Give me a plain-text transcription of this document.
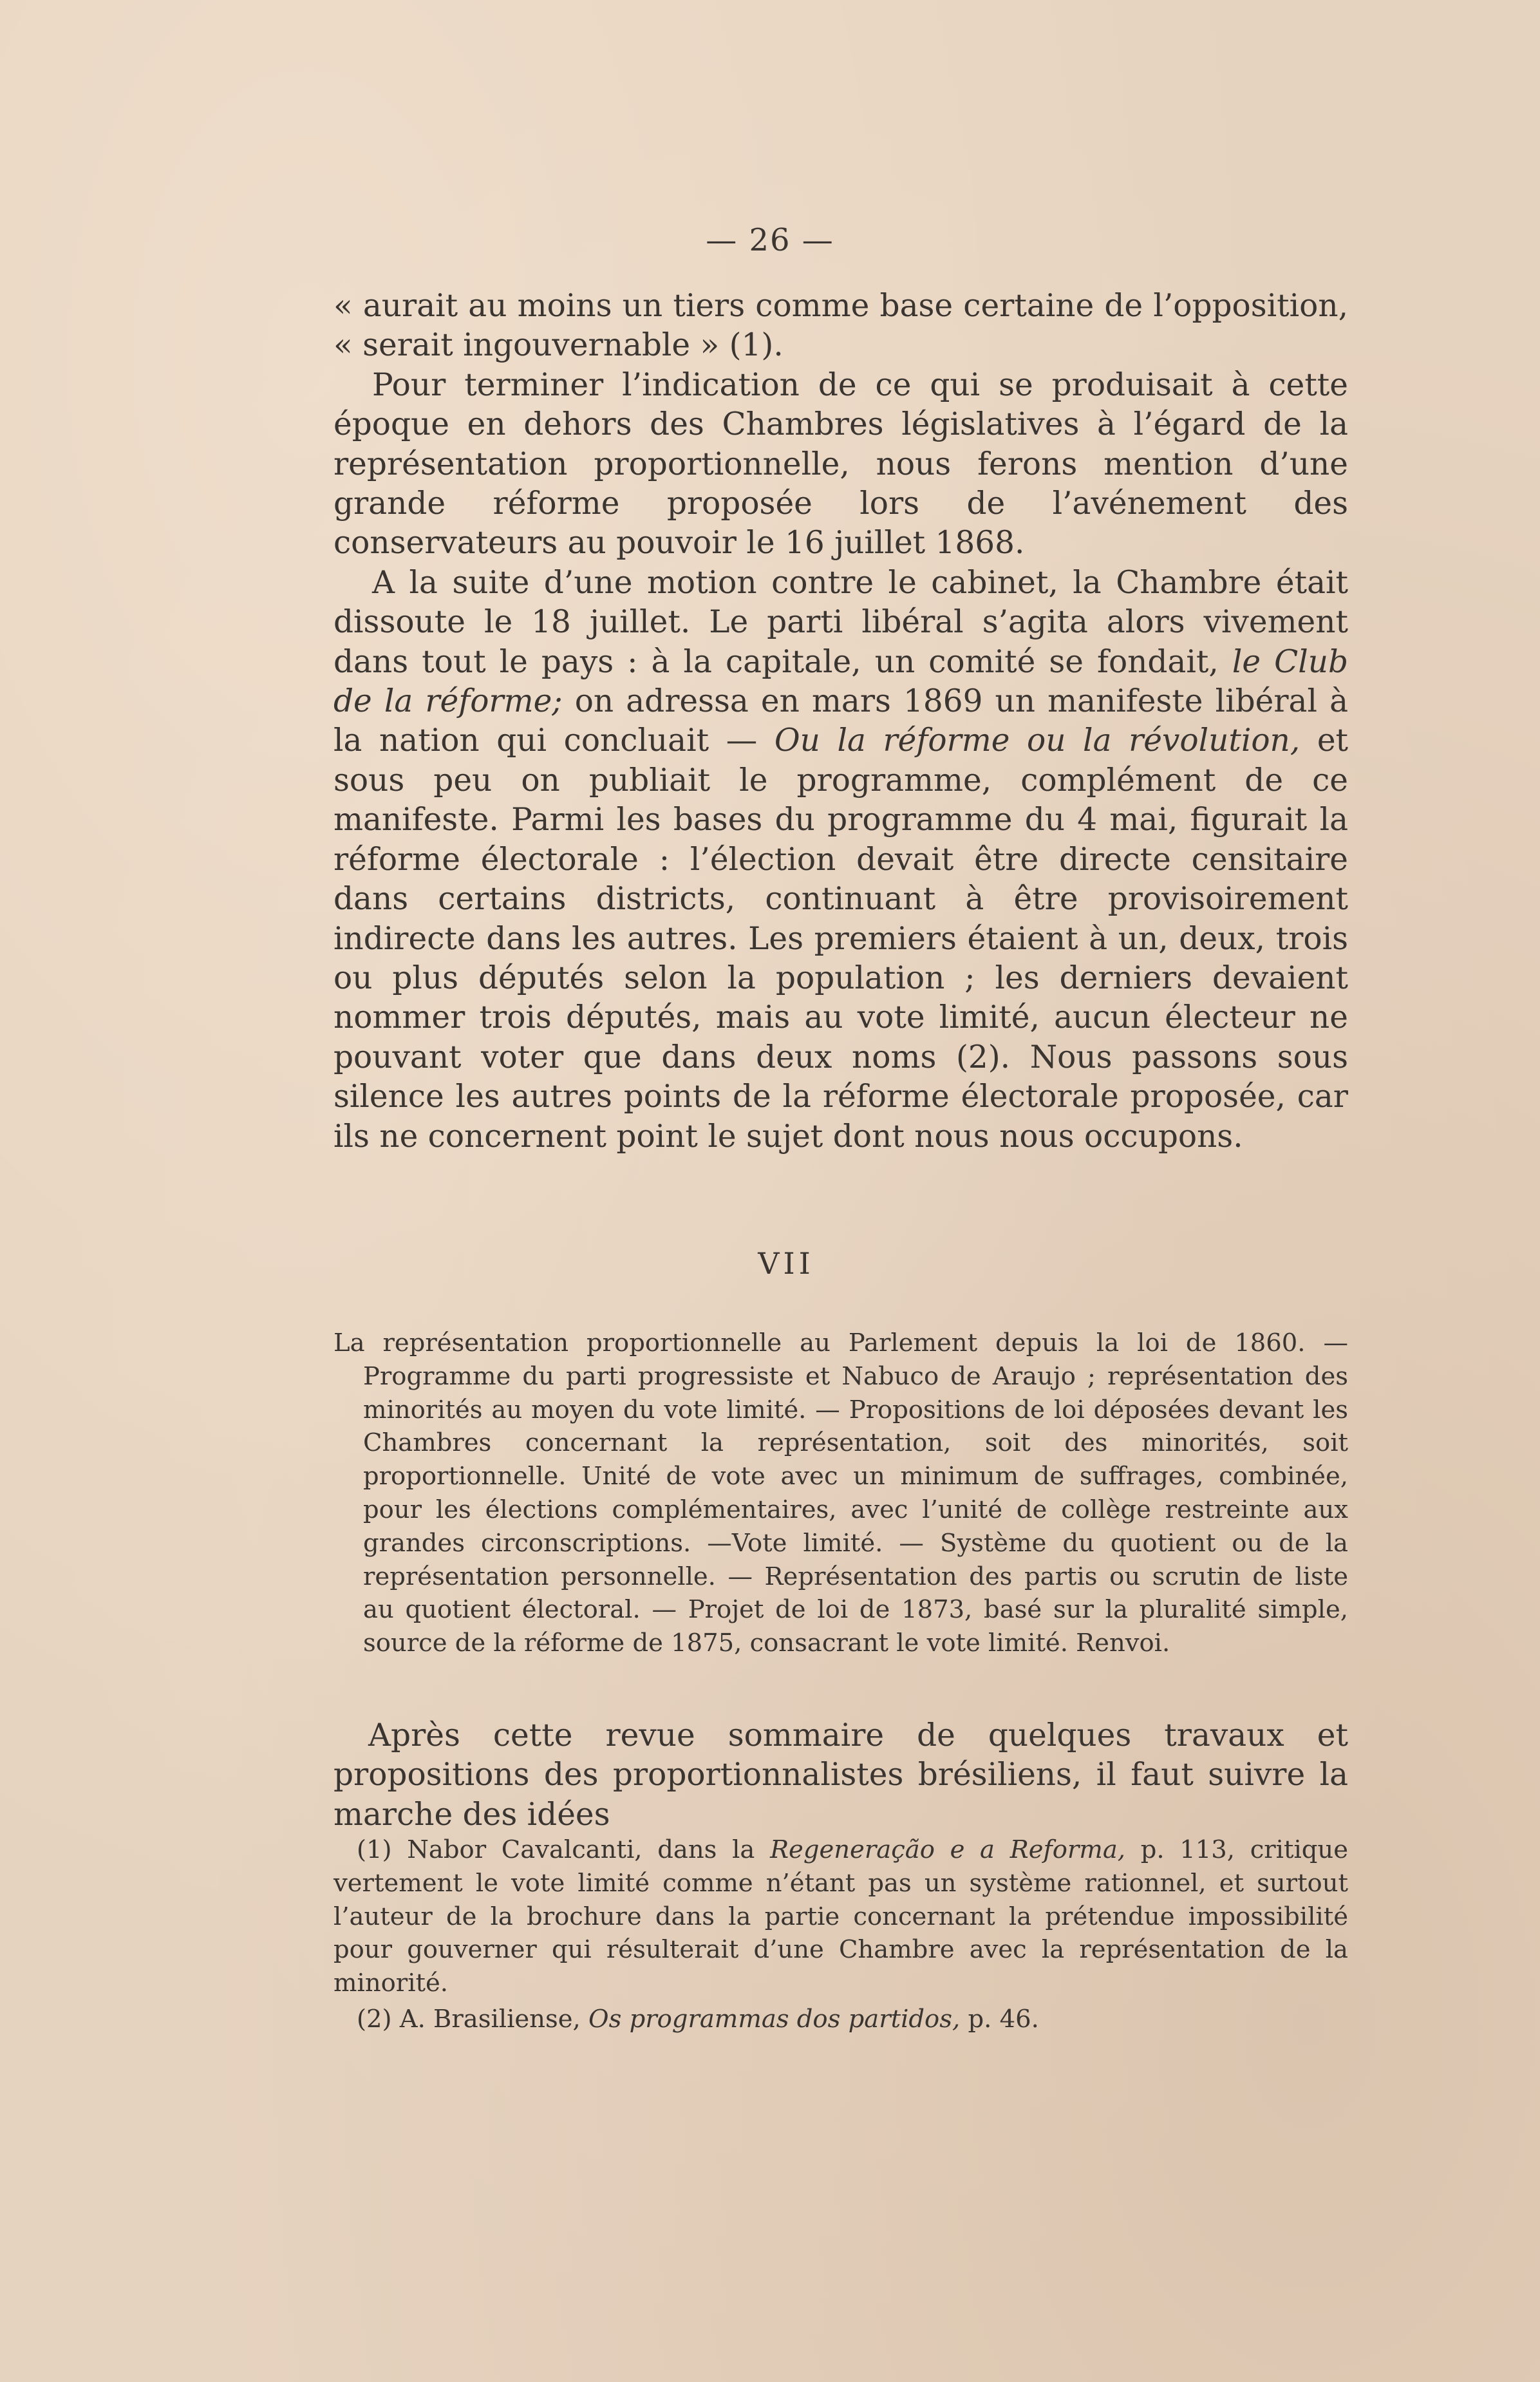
— 26 —

« aurait au moins un tiers comme base certaine de l’opposition, « serait ingouvernable » (1).

Pour terminer l’indication de ce qui se produisait à cette époque en dehors des Chambres législatives à l’égard de la représentation proportionnelle, nous ferons mention d’une grande réforme proposée lors de l’avénement des conservateurs au pouvoir le 16 juillet 1868.

A la suite d’une motion contre le cabinet, la Chambre était dissoute le 18 juillet. Le parti libéral s’agita alors vivement dans tout le pays : à la capitale, un comité se fondait, le Club de la réforme; on adressa en mars 1869 un manifeste libéral à la nation qui concluait — Ou la réforme ou la révolution, et sous peu on publiait le programme, complément de ce manifeste. Parmi les bases du programme du 4 mai, figurait la réforme électorale : l’élection devait être directe censitaire dans certains districts, continuant à être provisoirement indirecte dans les autres. Les premiers étaient à un, deux, trois ou plus députés selon la population ; les derniers devaient nommer trois députés, mais au vote limité, aucun électeur ne pouvant voter que dans deux noms (2). Nous passons sous silence les autres points de la réforme électorale proposée, car ils ne concernent point le sujet dont nous nous occupons.

VII
La représentation proportionnelle au Parlement depuis la loi de 1860. — Programme du parti progressiste et Nabuco de Araujo ; représentation des minorités au moyen du vote limité. — Propositions de loi déposées devant les Chambres concernant la représentation, soit des minorités, soit proportionnelle. Unité de vote avec un minimum de suffrages, combinée, pour les élections complémentaires, avec l’unité de collège restreinte aux grandes circonscriptions. —Vote limité. — Système du quotient ou de la représentation personnelle. — Représentation des partis ou scrutin de liste au quotient électoral. — Projet de loi de 1873, basé sur la pluralité simple, source de la réforme de 1875, consacrant le vote limité. Renvoi.

Après cette revue sommaire de quelques travaux et propositions des proportionnalistes brésiliens, il faut suivre la marche des idées

(1) Nabor Cavalcanti, dans la Regeneração e a Reforma, p. 113, critique vertement le vote limité comme n’étant pas un système rationnel, et surtout l’auteur de la brochure dans la partie concernant la prétendue impossibilité pour gouverner qui résulterait d’une Chambre avec la représentation de la minorité.

(2) A. Brasiliense, Os programmas dos partidos, p. 46.
